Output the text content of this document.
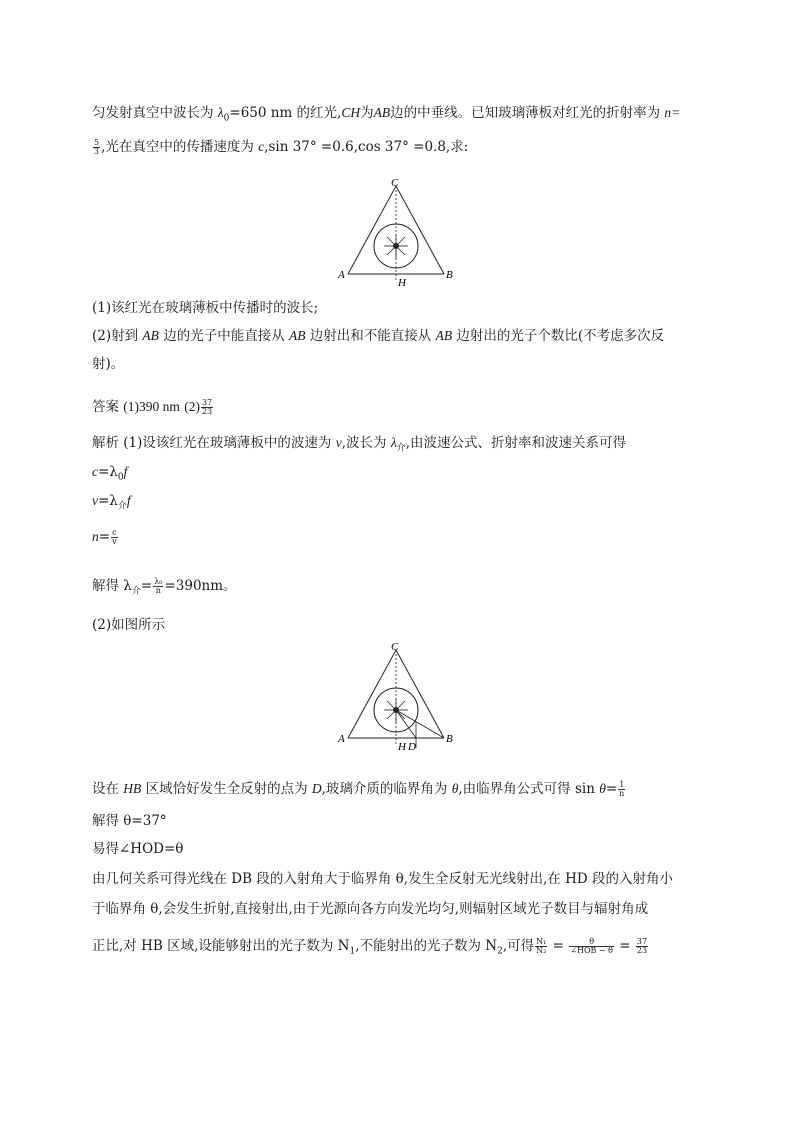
匀发射真空中波长为 $\lambda_0=650$ nm 的红光,CH为AB边的中垂线。已知玻璃薄板对红光的折射率为 n=
$\frac{5}{3}$ ,光在真空中的传播速度为 c,sin 37° =0.6,cos 37° =0.8,求:
C
A	B
H
(1)该红光在玻璃薄板中传播时的波长;
(2)射到 AB 边的光子中能直接从 AB 边射出和不能直接从 AB 边射出的光子个数比(不考虑多次反
射)。
答案 (1)390 nm $(2) \frac{37}{23}$
解析 (1)设该红光在玻璃薄板中的波速为 v,波长为 $\lambda_介$,由波速公式、折射率和波速关系可得
$c=\lambda_0f$
$v=\lambda_介f$
$n= \frac{c}{v}$
解得 $\lambda_介= \frac{\text{λ₀}}{n} =390nm$。
(2)如图所示
C
A	B
H D
设在 HB 区域恰好发生全反射的点为 D,玻璃介质的临界角为 θ,由临界角公式可得 $\sin \theta= \frac{1}{n}$
解得 θ=37°
易得∠HOD=θ
由几何关系可得光线在 DB 段的入射角大于临界角 θ,发生全反射无光线射出,在 HD 段的入射角小
于临界角 θ,会发生折射,直接射出,由于光源向各方向发光均匀,则辐射区域光子数目与辐射角成
正比,对 HB 区域,设能够射出的光子数为 $N_1$,不能射出的光子数为 $N_2$,可得 $\frac{\text{N₁}}{\text{N₂}} = \frac{\theta}{\text{∠HOB − θ}} = \frac{37}{23}$
